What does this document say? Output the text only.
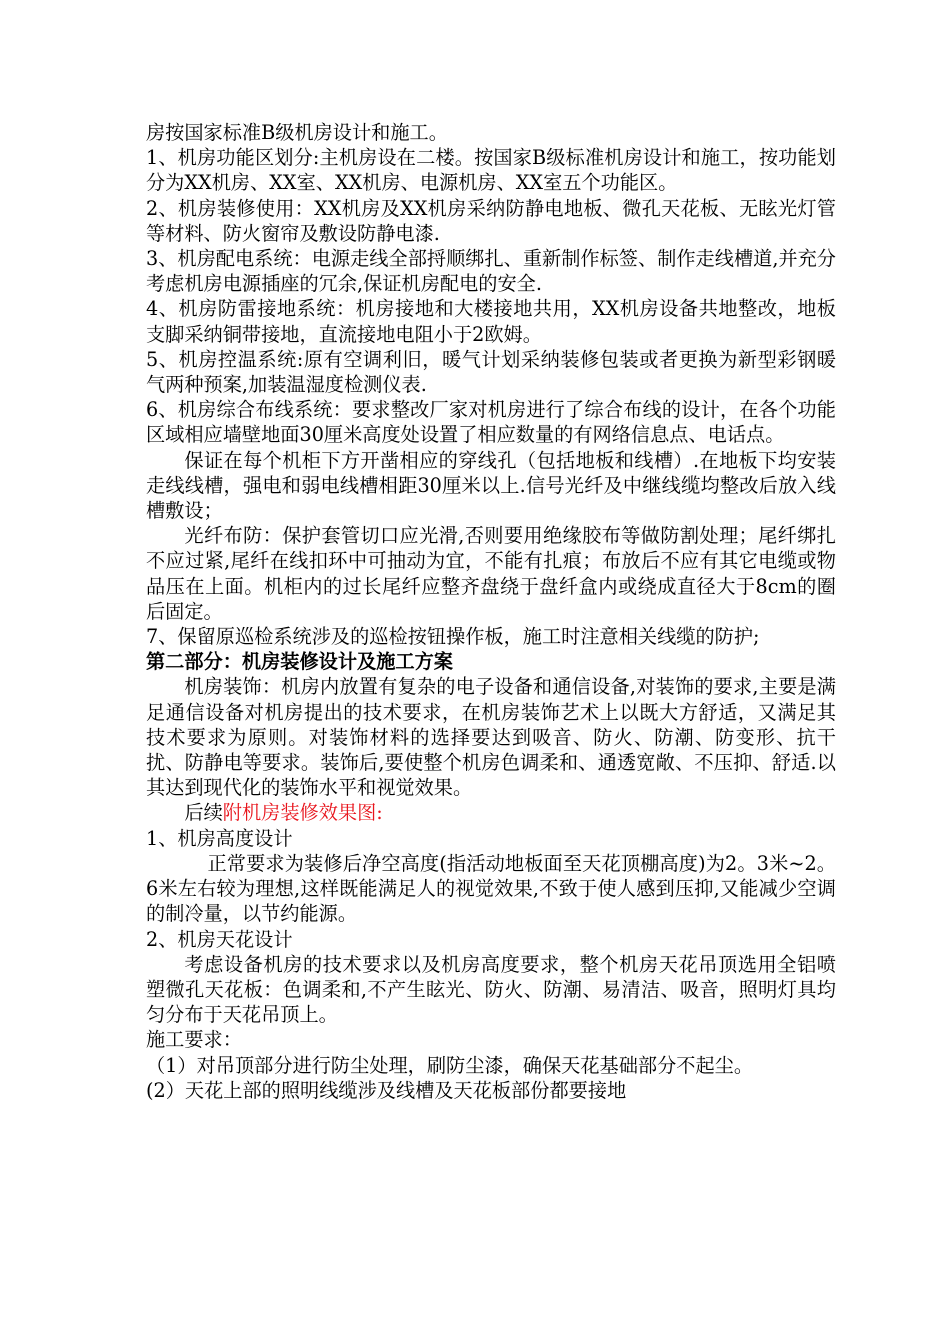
房按国家标准B级机房设计和施工。

1、机房功能区划分:主机房设在二楼。按国家B级标准机房设计和施工，按功能划分为XX机房、XX室、XX机房、电源机房、XX室五个功能区。

2、机房装修使用：XX机房及XX机房采纳防静电地板、微孔天花板、无眩光灯管等材料、防火窗帘及敷设防静电漆.

3、机房配电系统：电源走线全部捋顺绑扎、重新制作标签、制作走线槽道,并充分考虑机房电源插座的冗余,保证机房配电的安全.

4、机房防雷接地系统：机房接地和大楼接地共用，XX机房设备共地整改，地板支脚采纳铜带接地，直流接地电阻小于2欧姆。

5、机房控温系统:原有空调利旧，暖气计划采纳装修包装或者更换为新型彩钢暖气两种预案,加装温湿度检测仪表.

6、机房综合布线系统：要求整改厂家对机房进行了综合布线的设计，在各个功能区域相应墙壁地面30厘米高度处设置了相应数量的有网络信息点、电话点。

保证在每个机柜下方开凿相应的穿线孔（包括地板和线槽）.在地板下均安装走线线槽，强电和弱电线槽相距30厘米以上.信号光纤及中继线缆均整改后放入线槽敷设；

光纤布防：保护套管切口应光滑,否则要用绝缘胶布等做防割处理；尾纤绑扎不应过紧,尾纤在线扣环中可抽动为宜，不能有扎痕；布放后不应有其它电缆或物品压在上面。机柜内的过长尾纤应整齐盘绕于盘纤盒内或绕成直径大于8cm的圈后固定。

7、保留原巡检系统涉及的巡检按钮操作板，施工时注意相关线缆的防护;

第二部分：机房装修设计及施工方案

机房装饰：机房内放置有复杂的电子设备和通信设备,对装饰的要求,主要是满足通信设备对机房提出的技术要求，在机房装饰艺术上以既大方舒适，又满足其技术要求为原则。对装饰材料的选择要达到吸音、防火、防潮、防变形、抗干扰、防静电等要求。装饰后,要使整个机房色调柔和、通透宽敞、不压抑、舒适.以其达到现代化的装饰水平和视觉效果。

后续附机房装修效果图:

1、机房高度设计

正常要求为装修后净空高度(指活动地板面至天花顶棚高度)为2。3米~2。6米左右较为理想,这样既能满足人的视觉效果,不致于使人感到压抑,又能减少空调的制冷量，以节约能源。

2、机房天花设计

考虑设备机房的技术要求以及机房高度要求，整个机房天花吊顶选用全铝喷塑微孔天花板：色调柔和,不产生眩光、防火、防潮、易清洁、吸音，照明灯具均匀分布于天花吊顶上。

施工要求：

（1）对吊顶部分进行防尘处理，刷防尘漆，确保天花基础部分不起尘。

(2）天花上部的照明线缆涉及线槽及天花板部份都要接地
